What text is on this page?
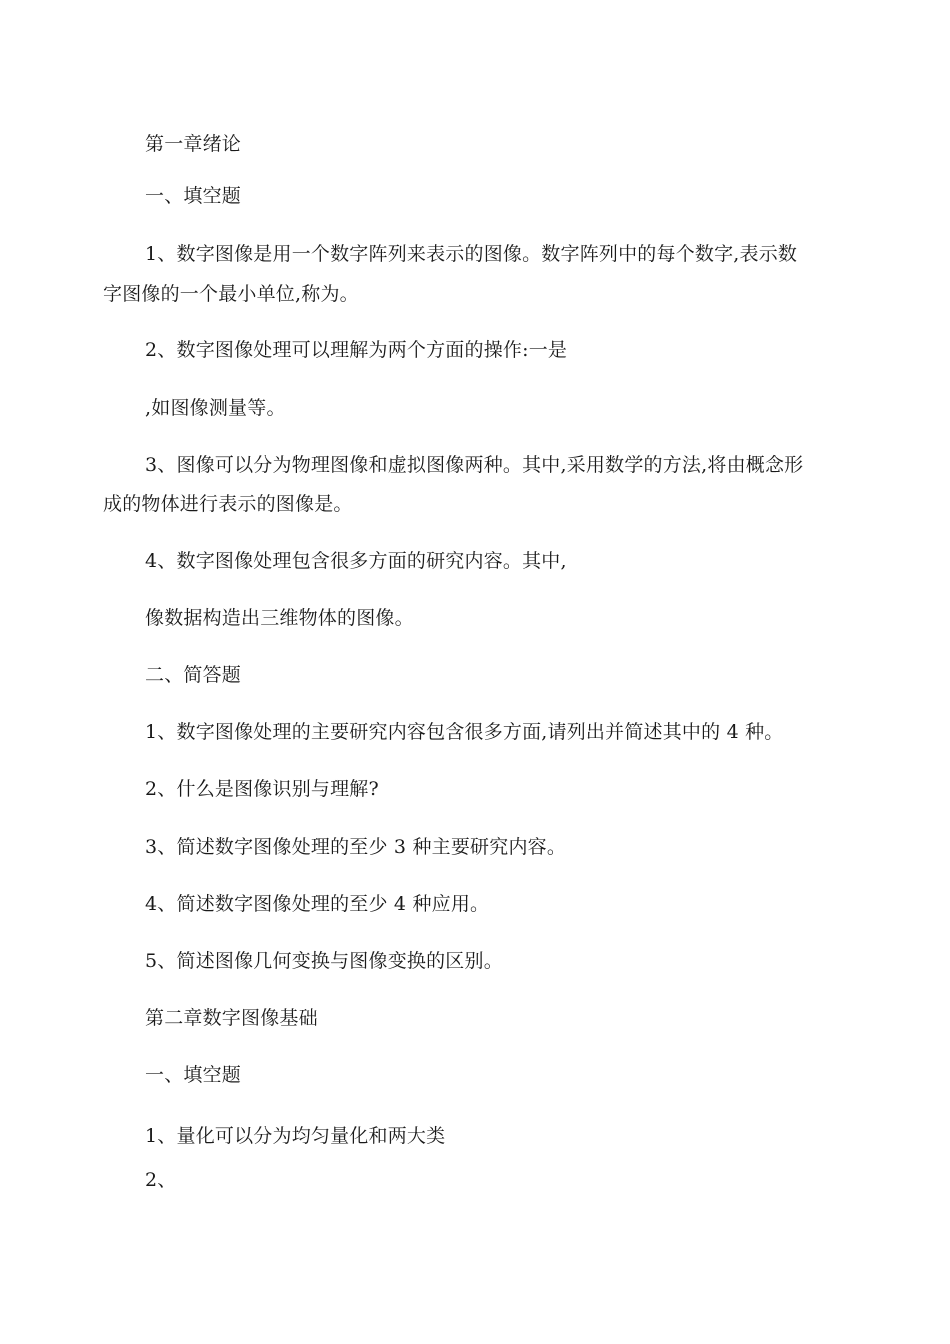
第一章绪论
一、填空题
1、数字图像是用一个数字阵列来表示的图像。数字阵列中的每个数字,表示数
字图像的一个最小单位,称为。
2、数字图像处理可以理解为两个方面的操作:一是
,如图像测量等。
3、图像可以分为物理图像和虚拟图像两种。其中,采用数学的方法,将由概念形
成的物体进行表示的图像是。
4、数字图像处理包含很多方面的研究内容。其中,
像数据构造出三维物体的图像。
二、简答题
1、数字图像处理的主要研究内容包含很多方面,请列出并简述其中的 4 种。
2、什么是图像识别与理解?
3、简述数字图像处理的至少 3 种主要研究内容。
4、简述数字图像处理的至少 4 种应用。
5、简述图像几何变换与图像变换的区别。
第二章数字图像基础
一、填空题
1、量化可以分为均匀量化和两大类
2、
